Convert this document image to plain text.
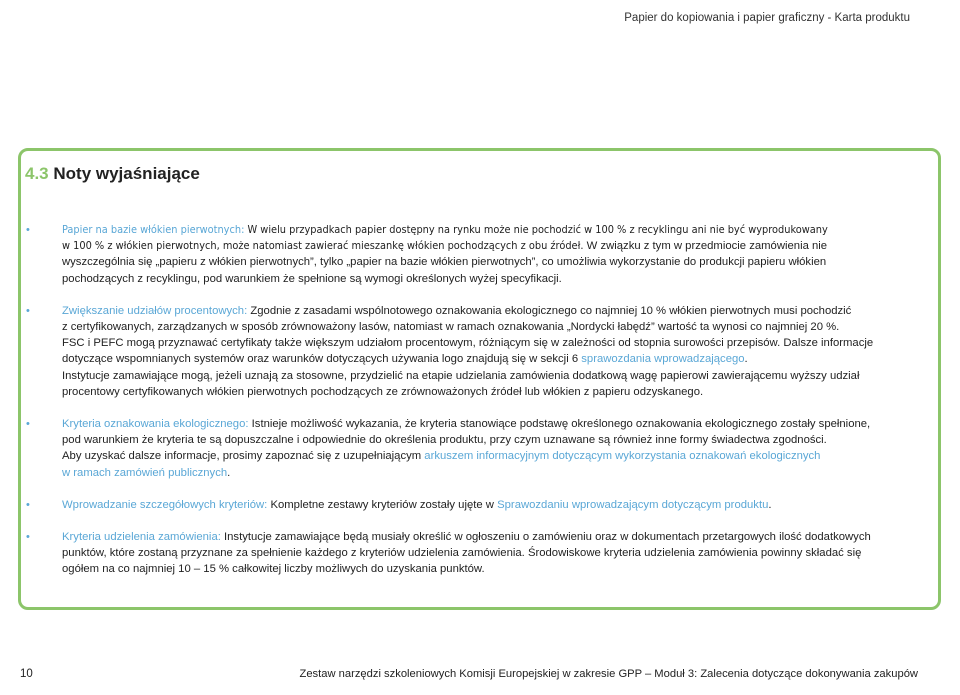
Papier do kopiowania i papier graficzny - Karta produktu
4.3 Noty wyjaśniające
•	Papier na bazie włókien pierwotnych: W wielu przypadkach papier dostępny na rynku może nie pochodzić w 100 % z recyklingu ani nie być wyprodukowany
w 100 % z włókien pierwotnych, może natomiast zawierać mieszankę włókien pochodzących z obu źródeł. W związku z tym w przedmiocie zamówienia nie
wyszczególnia się „papieru z włókien pierwotnych”, tylko „papier na bazie włókien pierwotnych”, co umożliwia wykorzystanie do produkcji papieru włókien
pochodzących z recyklingu, pod warunkiem że spełnione są wymogi określonych wyżej specyfikacji.
•	Zwiększanie udziałów procentowych: Zgodnie z zasadami wspólnotowego oznakowania ekologicznego co najmniej 10 % włókien pierwotnych musi pochodzić
z certyfikowanych, zarządzanych w sposób zrównoważony lasów, natomiast w ramach oznakowania „Nordycki łabędź” wartość ta wynosi co najmniej 20 %.
FSC i PEFC mogą przyznawać certyfikaty także większym udziałom procentowym, różniącym się w zależności od stopnia surowości przepisów. Dalsze informacje
dotyczące wspomnianych systemów oraz warunków dotyczących używania logo znajdują się w sekcji 6 sprawozdania wprowadzającego.
Instytucje zamawiające mogą, jeżeli uznają za stosowne, przydzielić na etapie udzielania zamówienia dodatkową wagę papierowi zawierającemu wyższy udział
procentowy certyfikowanych włókien pierwotnych pochodzących ze zrównoważonych źródeł lub włókien z papieru odzyskanego.
•	Kryteria oznakowania ekologicznego: Istnieje możliwość wykazania, że kryteria stanowiące podstawę określonego oznakowania ekologicznego zostały spełnione,
pod warunkiem że kryteria te są dopuszczalne i odpowiednie do określenia produktu, przy czym uznawane są również inne formy świadectwa zgodności.
Aby uzyskać dalsze informacje, prosimy zapoznać się z uzupełniającym arkuszem informacyjnym dotyczącym wykorzystania oznakowań ekologicznych
w ramach zamówień publicznych.
•	Wprowadzanie szczegółowych kryteriów: Kompletne zestawy kryteriów zostały ujęte w Sprawozdaniu wprowadzającym dotyczącym produktu.
•	Kryteria udzielenia zamówienia: Instytucje zamawiające będą musiały określić w ogłoszeniu o zamówieniu oraz w dokumentach przetargowych ilość dodatkowych
punktów, które zostaną przyznane za spełnienie każdego z kryteriów udzielenia zamówienia. Środowiskowe kryteria udzielenia zamówienia powinny składać się
ogółem na co najmniej 10 – 15 % całkowitej liczby możliwych do uzyskania punktów.
10	Zestaw narzędzi szkoleniowych Komisji Europejskiej w zakresie GPP – Moduł 3: Zalecenia dotyczące dokonywania zakupów
